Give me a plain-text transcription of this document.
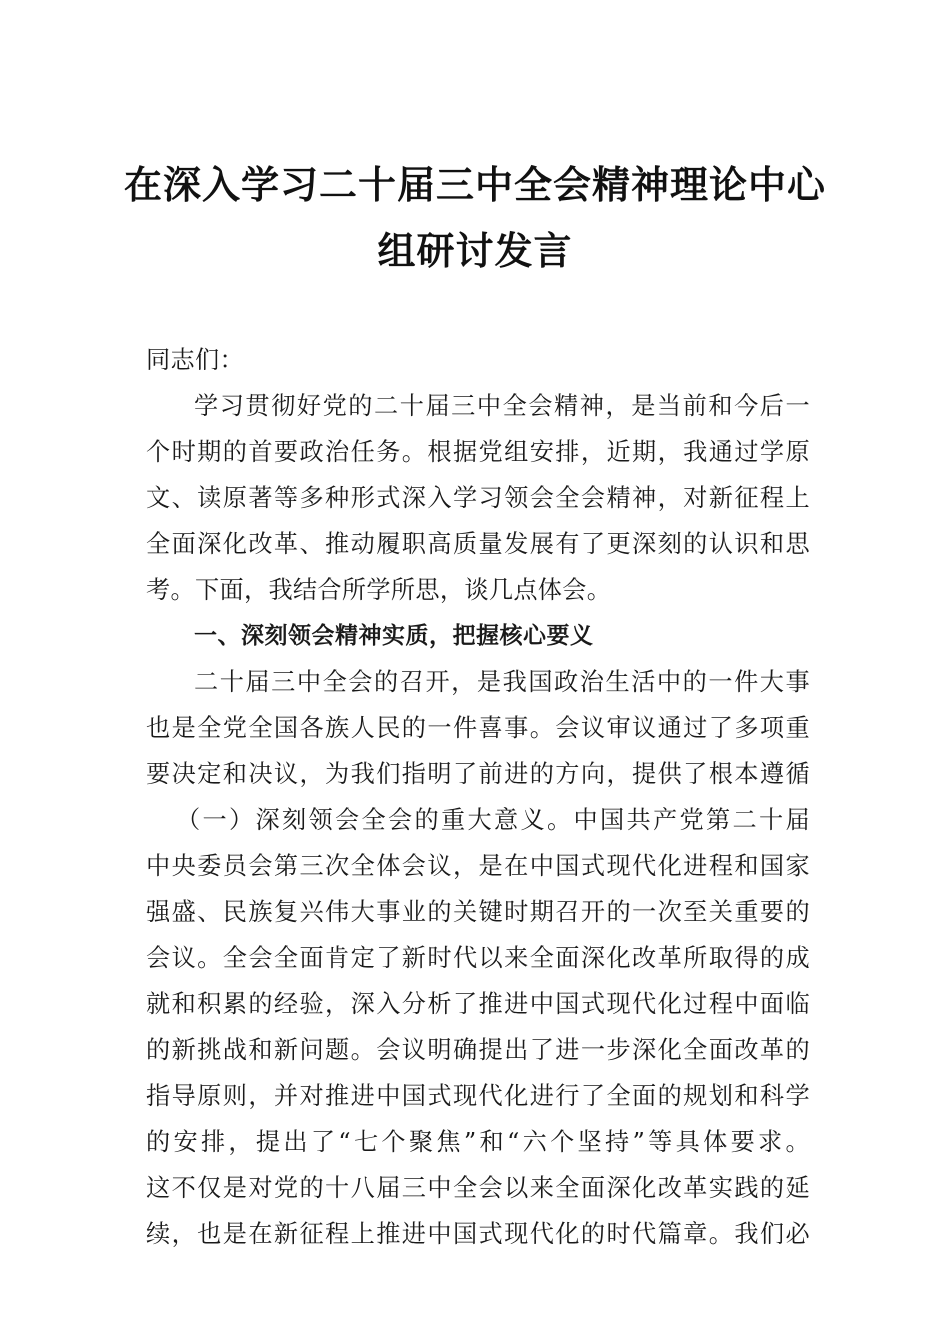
在深入学习二十届三中全会精神理论中心
组研讨发言
同志们：
学习贯彻好党的二十届三中全会精神，是当前和今后一
个时期的首要政治任务。根据党组安排，近期，我通过学原
文、读原著等多种形式深入学习领会全会精神，对新征程上
全面深化改革、推动履职高质量发展有了更深刻的认识和思
考。下面，我结合所学所思，谈几点体会。
一、深刻领会精神实质，把握核心要义
二十届三中全会的召开，是我国政治生活中的一件大事
也是全党全国各族人民的一件喜事。会议审议通过了多项重
要决定和决议，为我们指明了前进的方向，提供了根本遵循
（一）深刻领会全会的重大意义。中国共产党第二十届
中央委员会第三次全体会议，是在中国式现代化进程和国家
强盛、民族复兴伟大事业的关键时期召开的一次至关重要的
会议。全会全面肯定了新时代以来全面深化改革所取得的成
就和积累的经验，深入分析了推进中国式现代化过程中面临
的新挑战和新问题。会议明确提出了进一步深化全面改革的
指导原则，并对推进中国式现代化进行了全面的规划和科学
的安排，提出了“七个聚焦”和“六个坚持”等具体要求。
这不仅是对党的十八届三中全会以来全面深化改革实践的延
续，也是在新征程上推进中国式现代化的时代篇章。我们必
